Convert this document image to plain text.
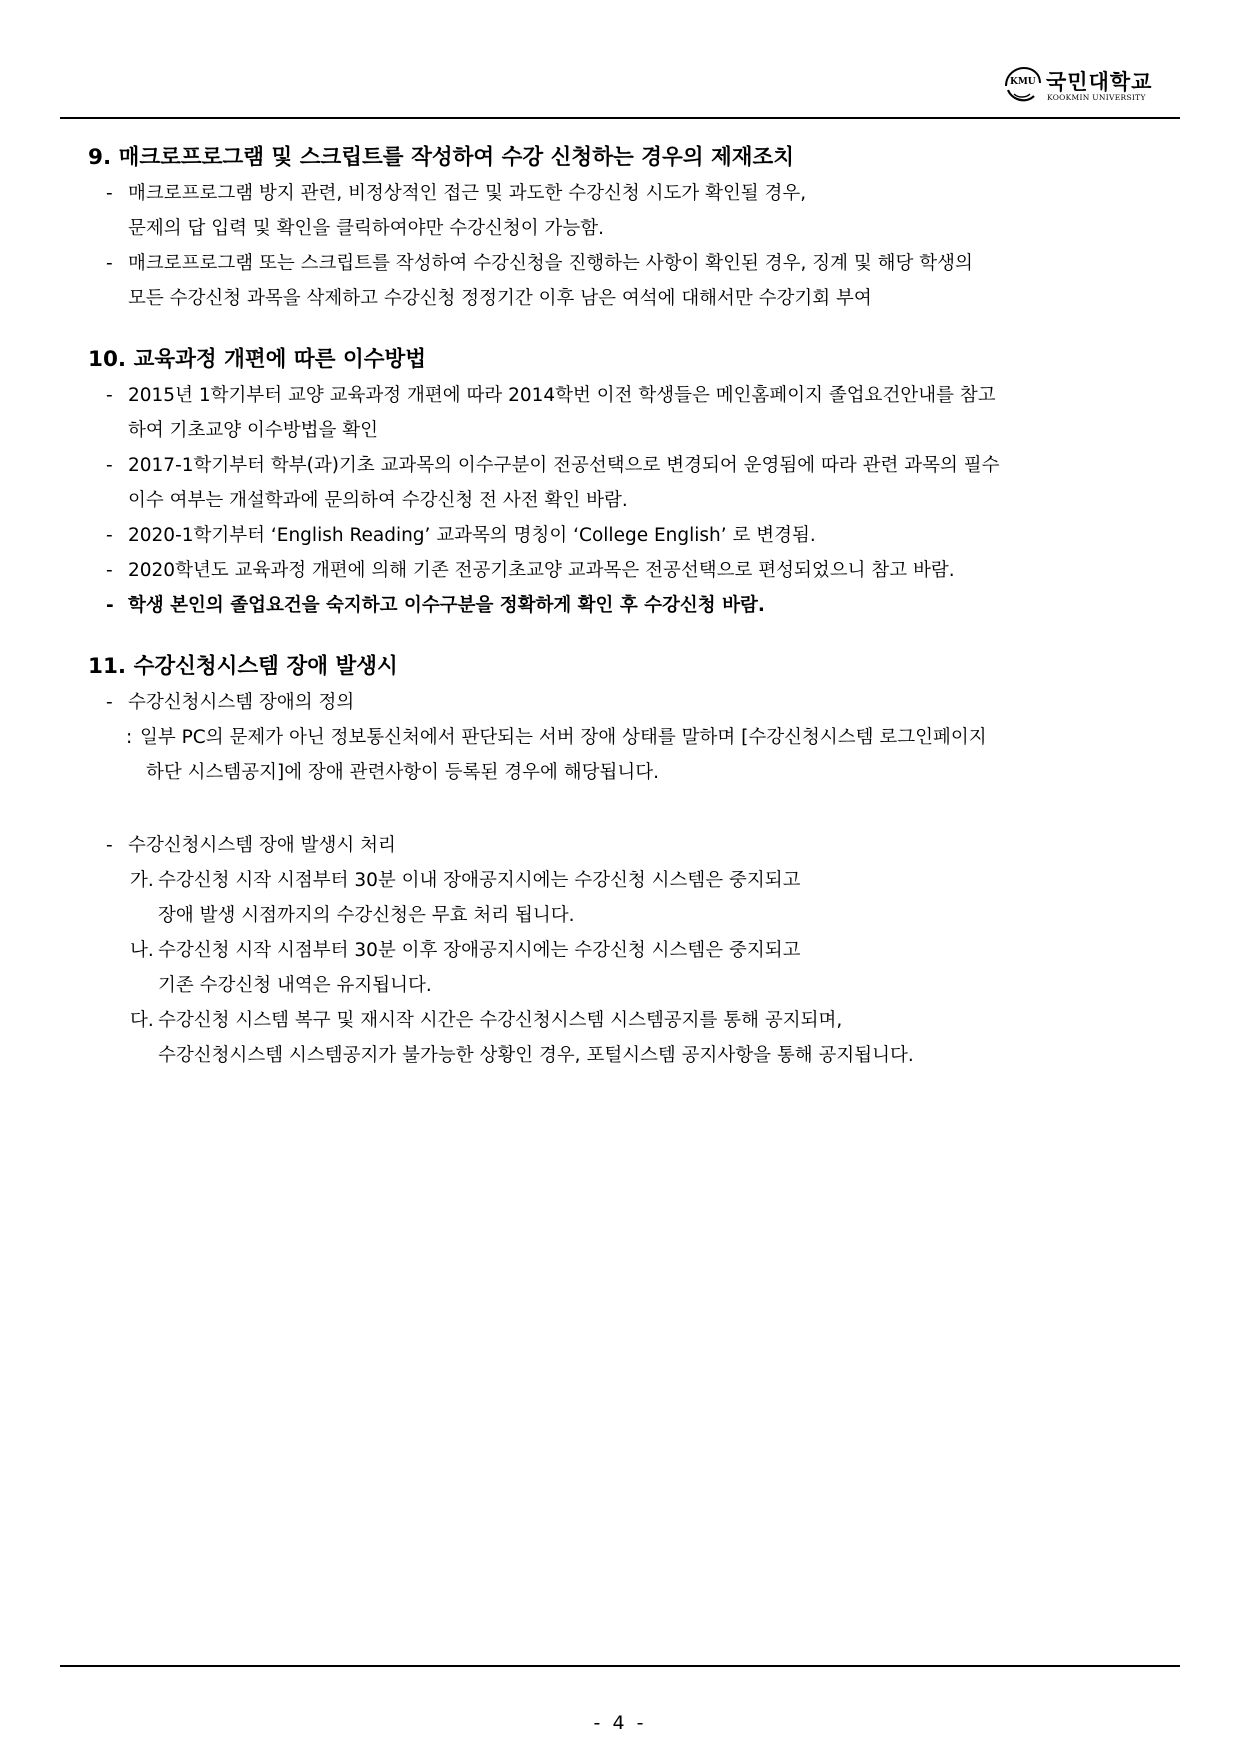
KMU 국민대학교
KOOKMIN UNIVERSITY
9. 매크로프로그램 및 스크립트를 작성하여 수강 신청하는 경우의 제재조치

- 매크로프로그램 방지 관련, 비정상적인 접근 및 과도한 수강신청 시도가 확인될 경우,
문제의 답 입력 및 확인을 클릭하여야만 수강신청이 가능함.

- 매크로프로그램 또는 스크립트를 작성하여 수강신청을 진행하는 사항이 확인된 경우, 징계 및 해당 학생의
모든 수강신청 과목을 삭제하고 수강신청 정정기간 이후 남은 여석에 대해서만 수강기회 부여

10. 교육과정 개편에 따른 이수방법

- 2015년 1학기부터 교양 교육과정 개편에 따라 2014학번 이전 학생들은 메인홈페이지 졸업요건안내를 참고
하여 기초교양 이수방법을 확인

- 2017-1학기부터 학부(과)기초 교과목의 이수구분이 전공선택으로 변경되어 운영됨에 따라 관련 과목의 필수
이수 여부는 개설학과에 문의하여 수강신청 전 사전 확인 바람.

- 2020-1학기부터 ‘English Reading’ 교과목의 명칭이 ‘College English’ 로 변경됨.

- 2020학년도 교육과정 개편에 의해 기존 전공기초교양 교과목은 전공선택으로 편성되었으니 참고 바람.

- 학생 본인의 졸업요건을 숙지하고 이수구분을 정확하게 확인 후 수강신청 바람.

11. 수강신청시스템 장애 발생시

- 수강신청시스템 장애의 정의

: 일부 PC의 문제가 아닌 정보통신처에서 판단되는 서버 장애 상태를 말하며 [수강신청시스템 로그인페이지
하단 시스템공지]에 장애 관련사항이 등록된 경우에 해당됩니다.

- 수강신청시스템 장애 발생시 처리

가. 수강신청 시작 시점부터 30분 이내 장애공지시에는 수강신청 시스템은 중지되고
장애 발생 시점까지의 수강신청은 무효 처리 됩니다.

나. 수강신청 시작 시점부터 30분 이후 장애공지시에는 수강신청 시스템은 중지되고
기존 수강신청 내역은 유지됩니다.

다. 수강신청 시스템 복구 및 재시작 시간은 수강신청시스템 시스템공지를 통해 공지되며,
수강신청시스템 시스템공지가 불가능한 상황인 경우, 포털시스템 공지사항을 통해 공지됩니다.

- 4 -
